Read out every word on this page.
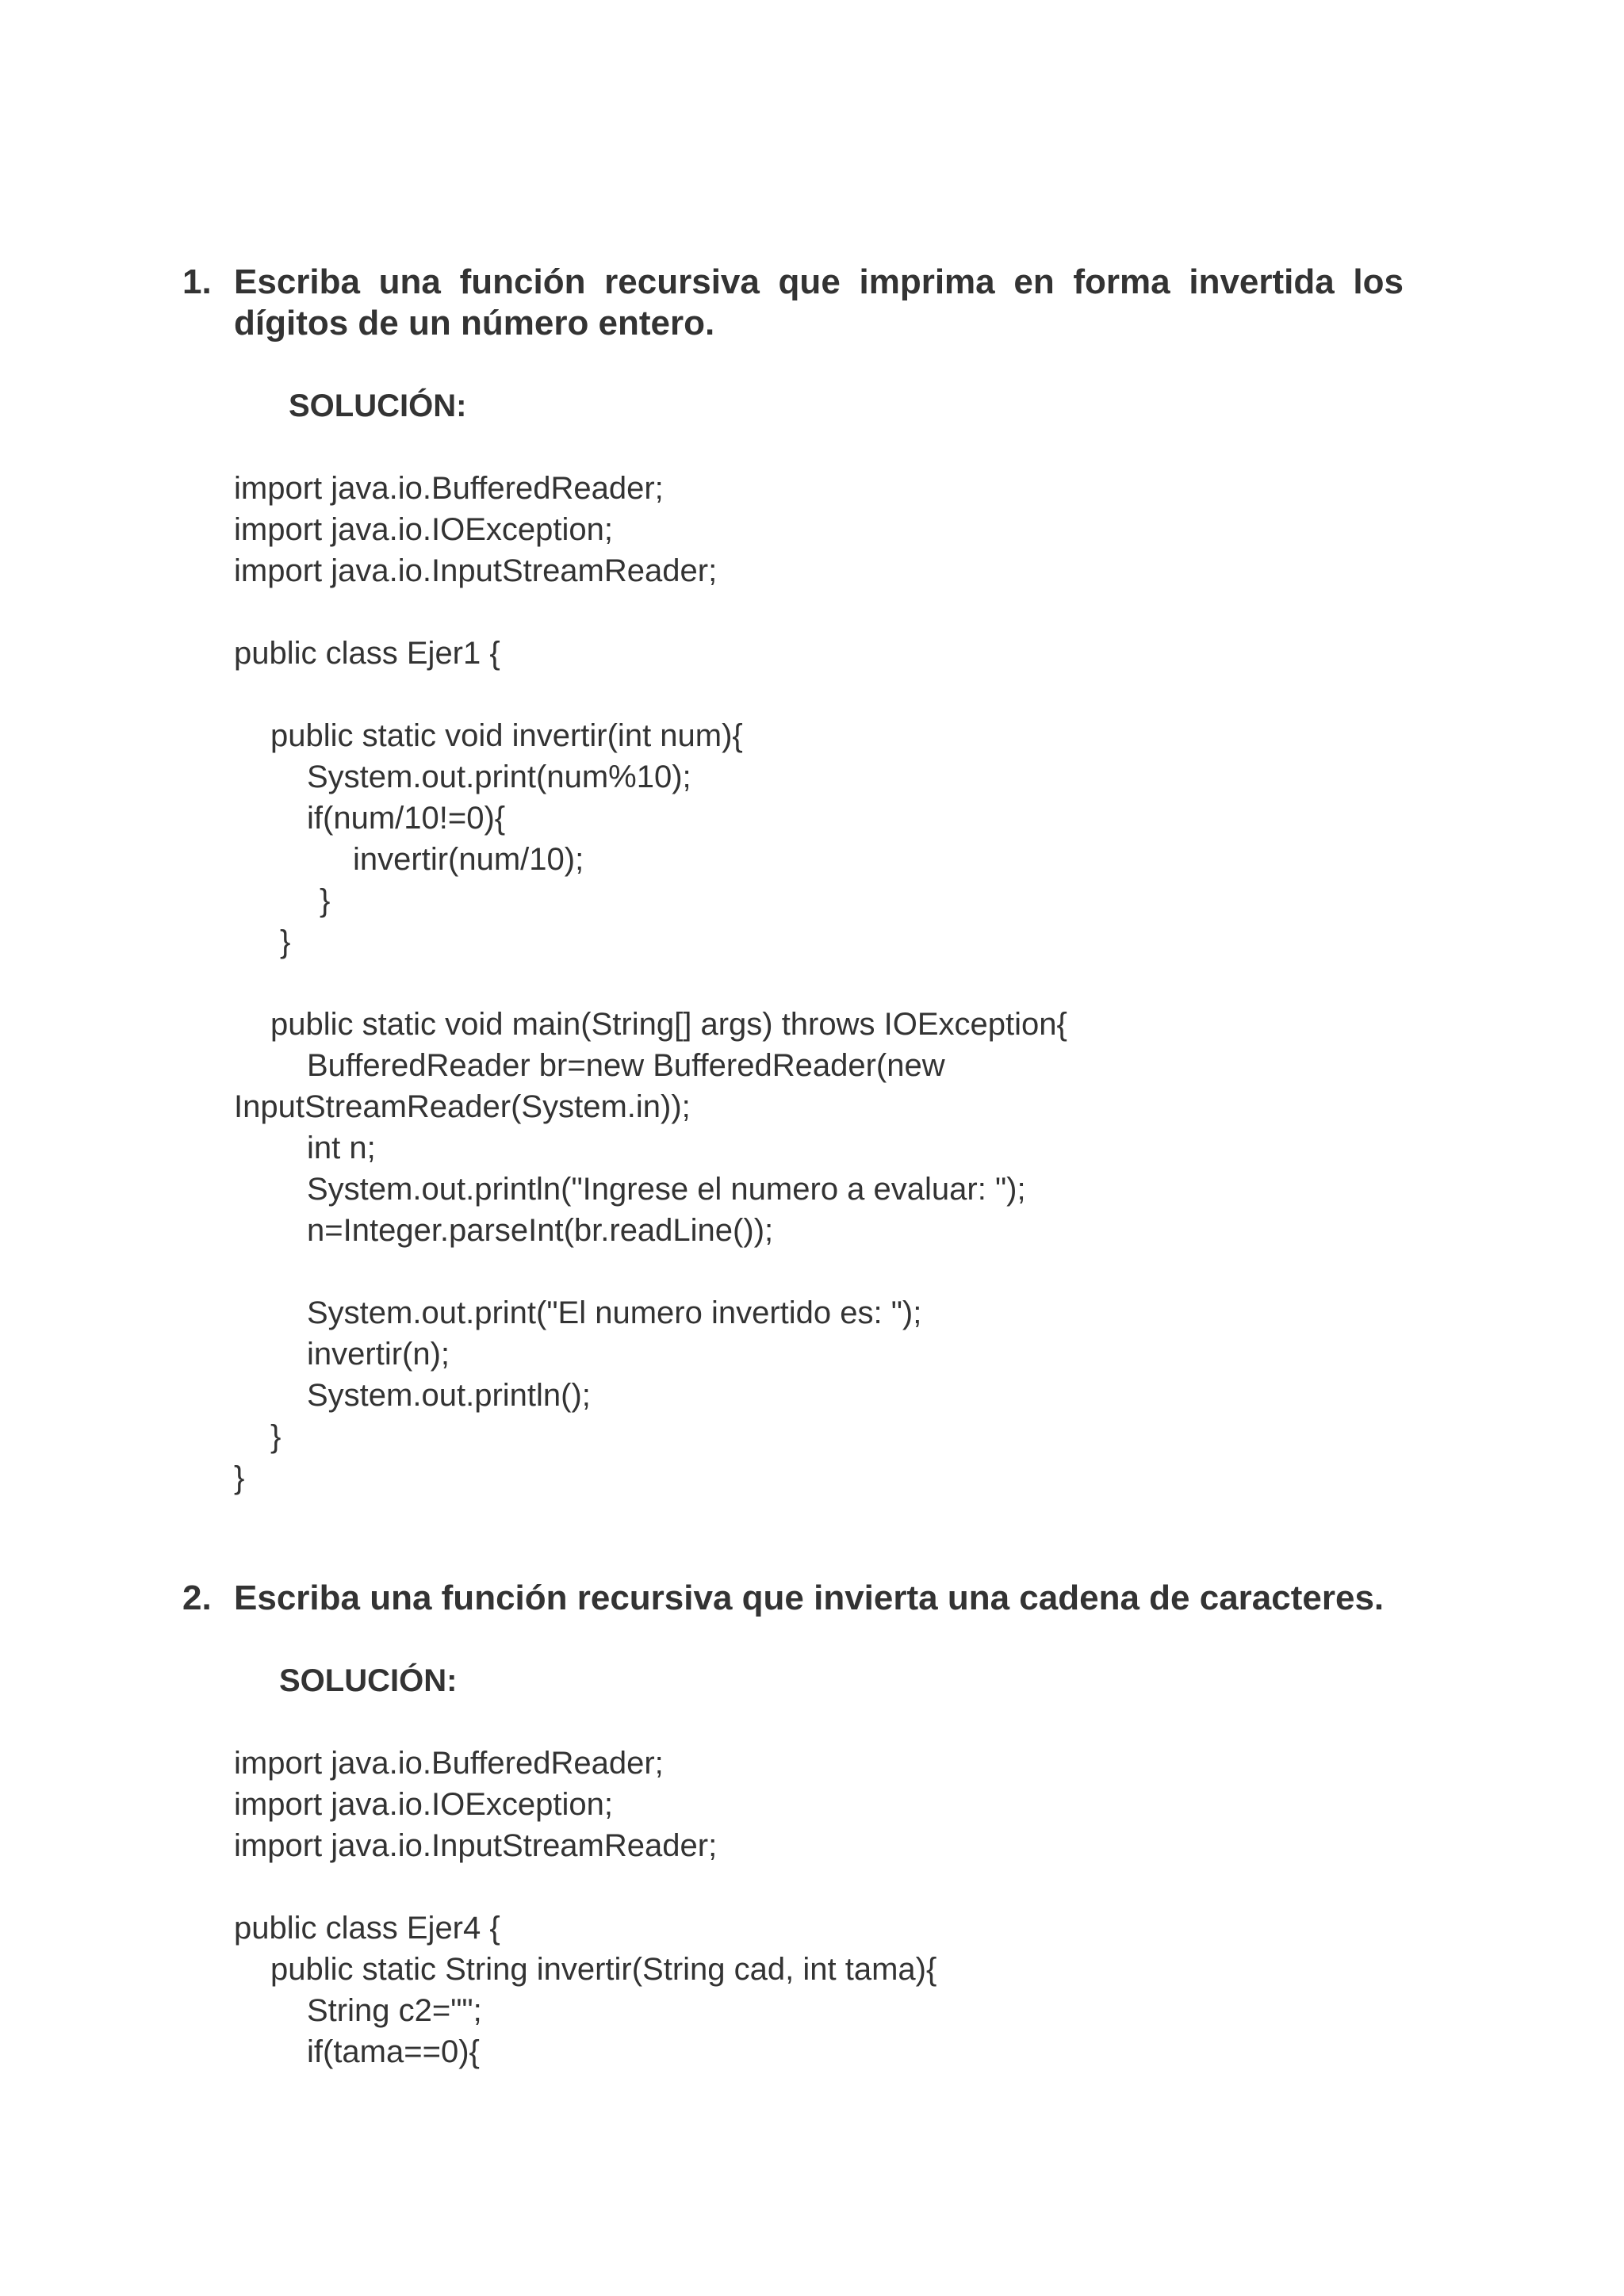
1. Escriba una función recursiva que imprima en forma invertida los dígitos de un número entero.
SOLUCIÓN:
import java.io.BufferedReader;
import java.io.IOException;
import java.io.InputStreamReader;
public class Ejer1 {
public static void invertir(int num){
System.out.print(num%10);
if(num/10!=0){
invertir(num/10);
}
}
public static void main(String[] args) throws IOException{
BufferedReader br=new BufferedReader(new
InputStreamReader(System.in));
int n;
System.out.println("Ingrese el numero a evaluar: ");
n=Integer.parseInt(br.readLine());
System.out.print("El numero invertido es: ");
invertir(n);
System.out.println();
}
}
2. Escriba una función recursiva que invierta una cadena de caracteres.
SOLUCIÓN:
import java.io.BufferedReader;
import java.io.IOException;
import java.io.InputStreamReader;
public class Ejer4 {
public static String invertir(String cad, int tama){
String c2="";
if(tama==0){
